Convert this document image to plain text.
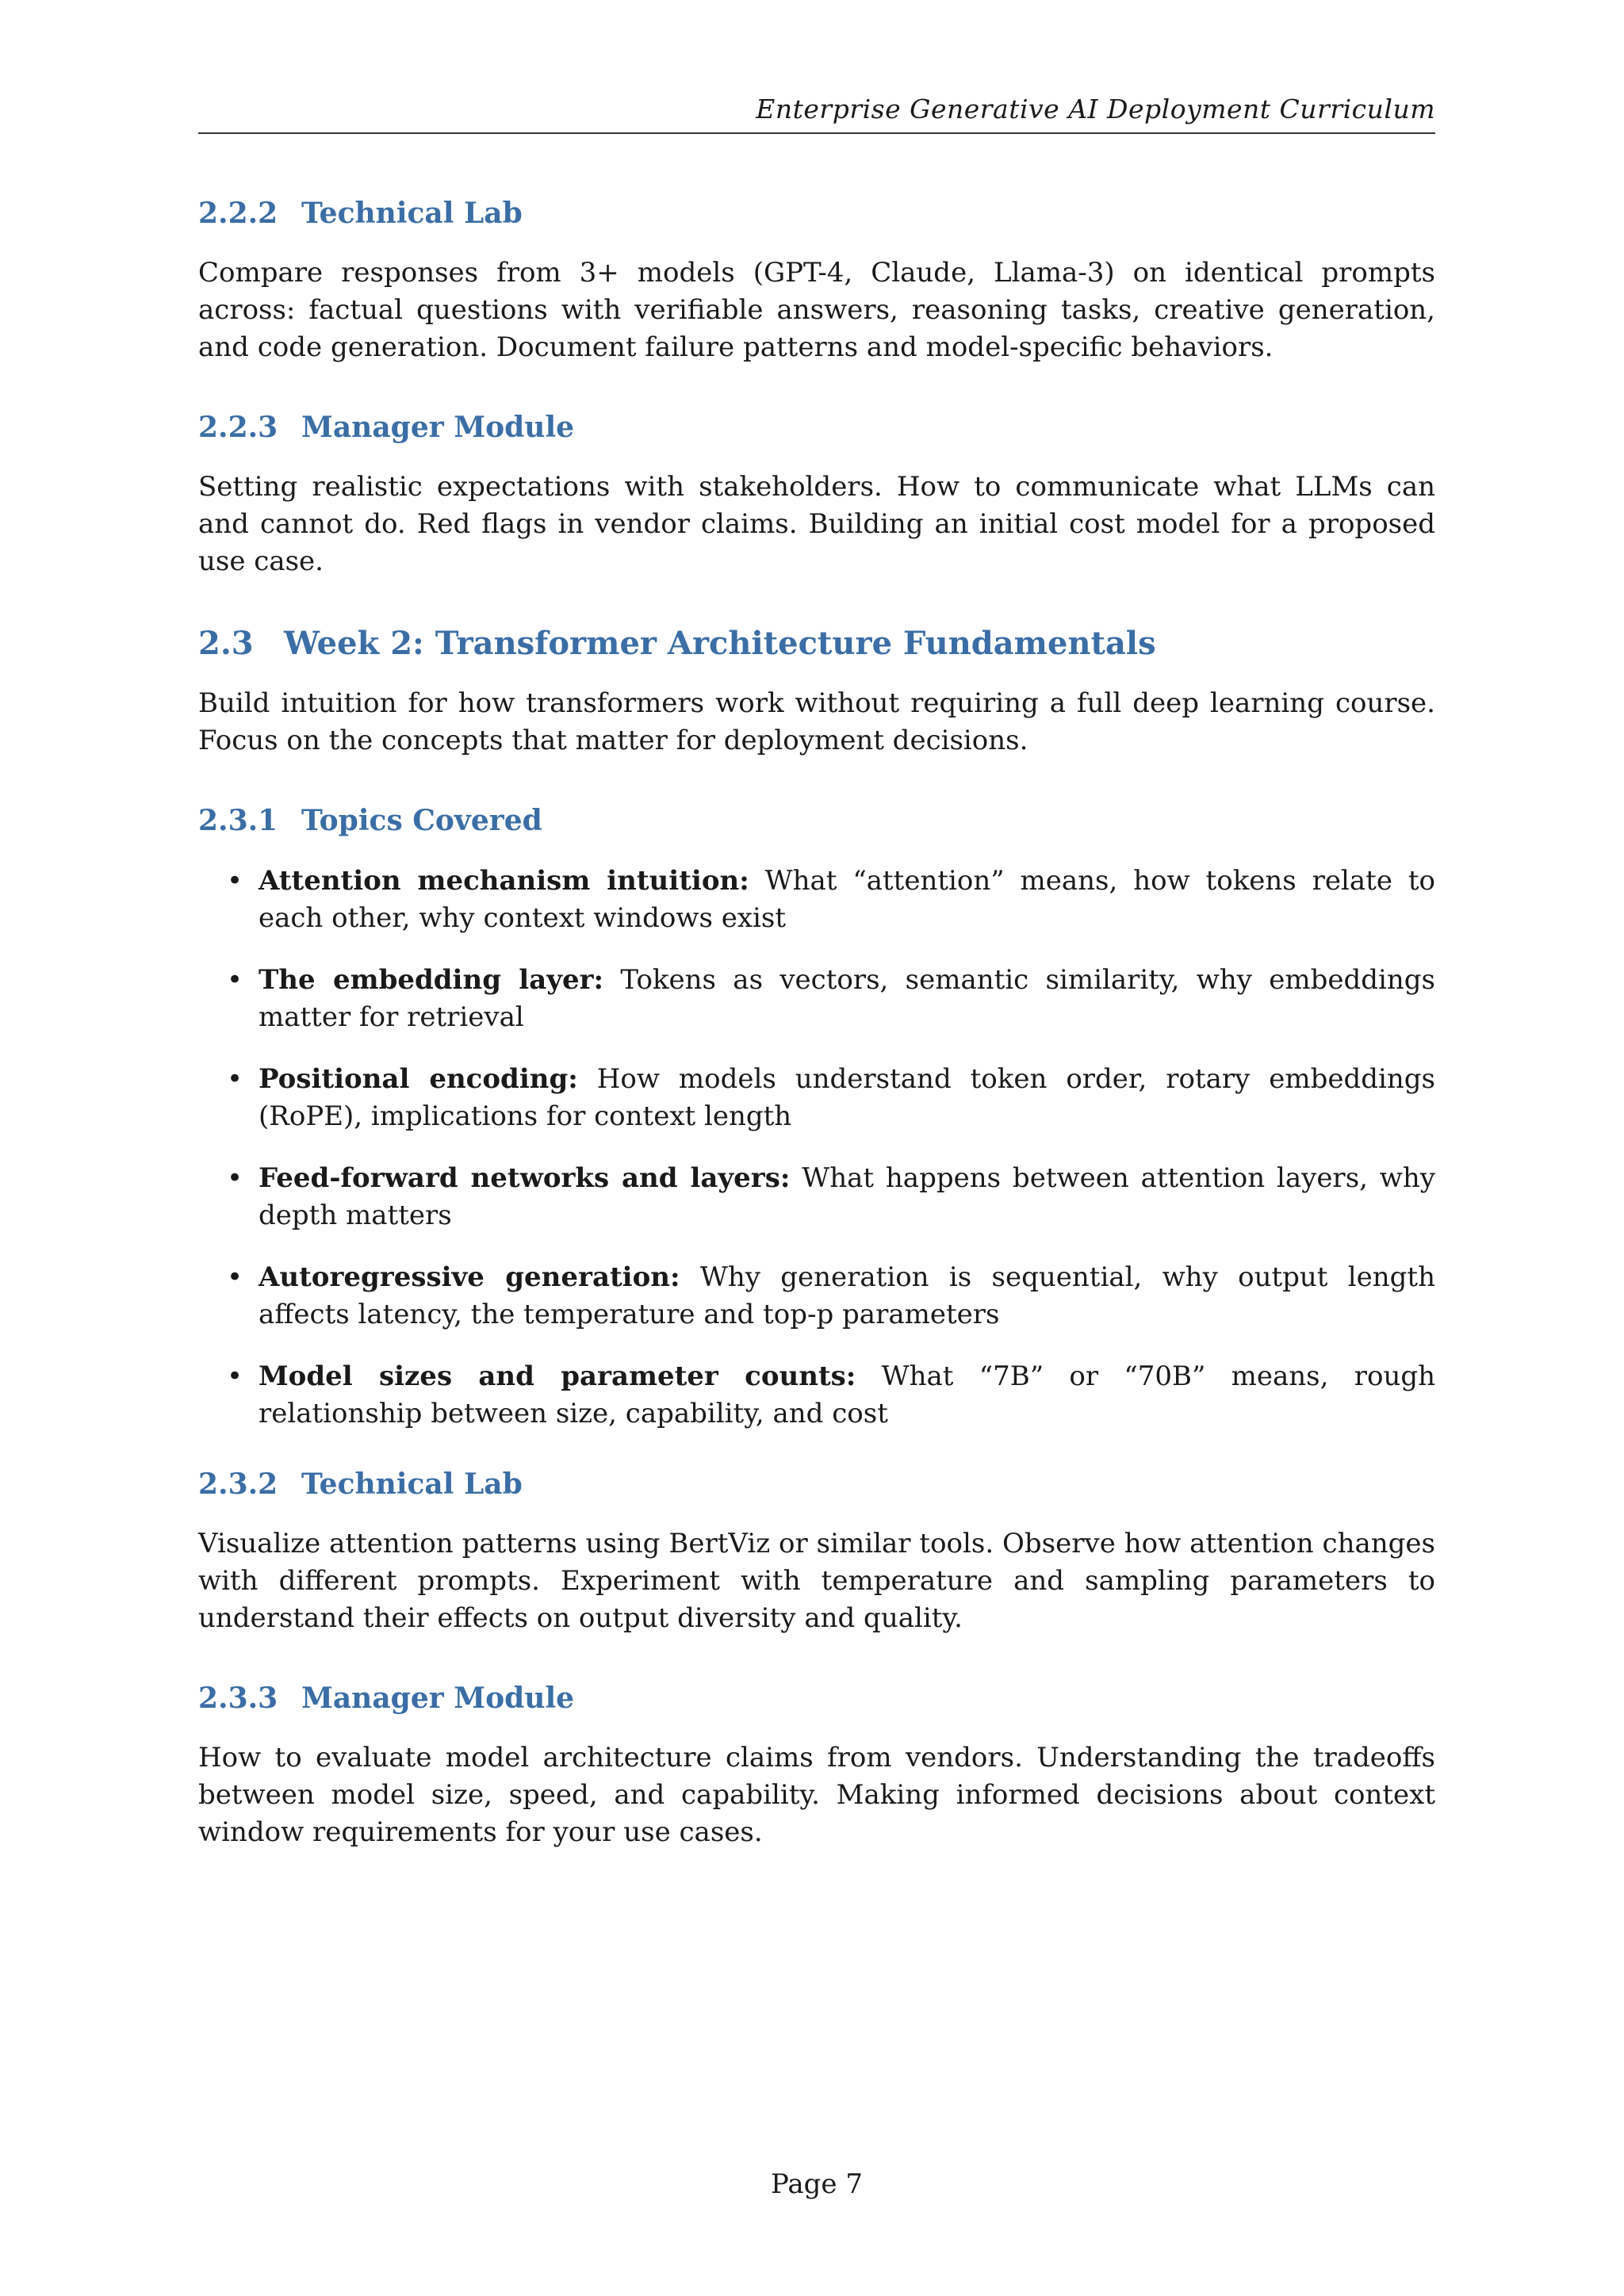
Enterprise Generative AI Deployment Curriculum
2.2.2 Technical Lab

Compare responses from 3+ models (GPT-4, Claude, Llama-3) on identical prompts across: factual questions with verifiable answers, reasoning tasks, creative generation, and code generation. Document failure patterns and model-specific behaviors.

2.2.3 Manager Module

Setting realistic expectations with stakeholders. How to communicate what LLMs can and cannot do. Red flags in vendor claims. Building an initial cost model for a proposed use case.

2.3 Week 2: Transformer Architecture Fundamentals

Build intuition for how transformers work without requiring a full deep learning course. Focus on the concepts that matter for deployment decisions.

2.3.1 Topics Covered
• Attention mechanism intuition: What “attention” means, how tokens relate to each other, why context windows exist
• The embedding layer: Tokens as vectors, semantic similarity, why embeddings matter for retrieval
• Positional encoding: How models understand token order, rotary embeddings (RoPE), implications for context length
• Feed-forward networks and layers: What happens between attention layers, why depth matters
• Autoregressive generation: Why generation is sequential, why output length affects latency, the temperature and top-p parameters
• Model sizes and parameter counts: What “7B” or “70B” means, rough relationship between size, capability, and cost
2.3.2 Technical Lab

Visualize attention patterns using BertViz or similar tools. Observe how attention changes with different prompts. Experiment with temperature and sampling parameters to understand their effects on output diversity and quality.

2.3.3 Manager Module

How to evaluate model architecture claims from vendors. Understanding the tradeoffs between model size, speed, and capability. Making informed decisions about context window requirements for your use cases.

Page 7
